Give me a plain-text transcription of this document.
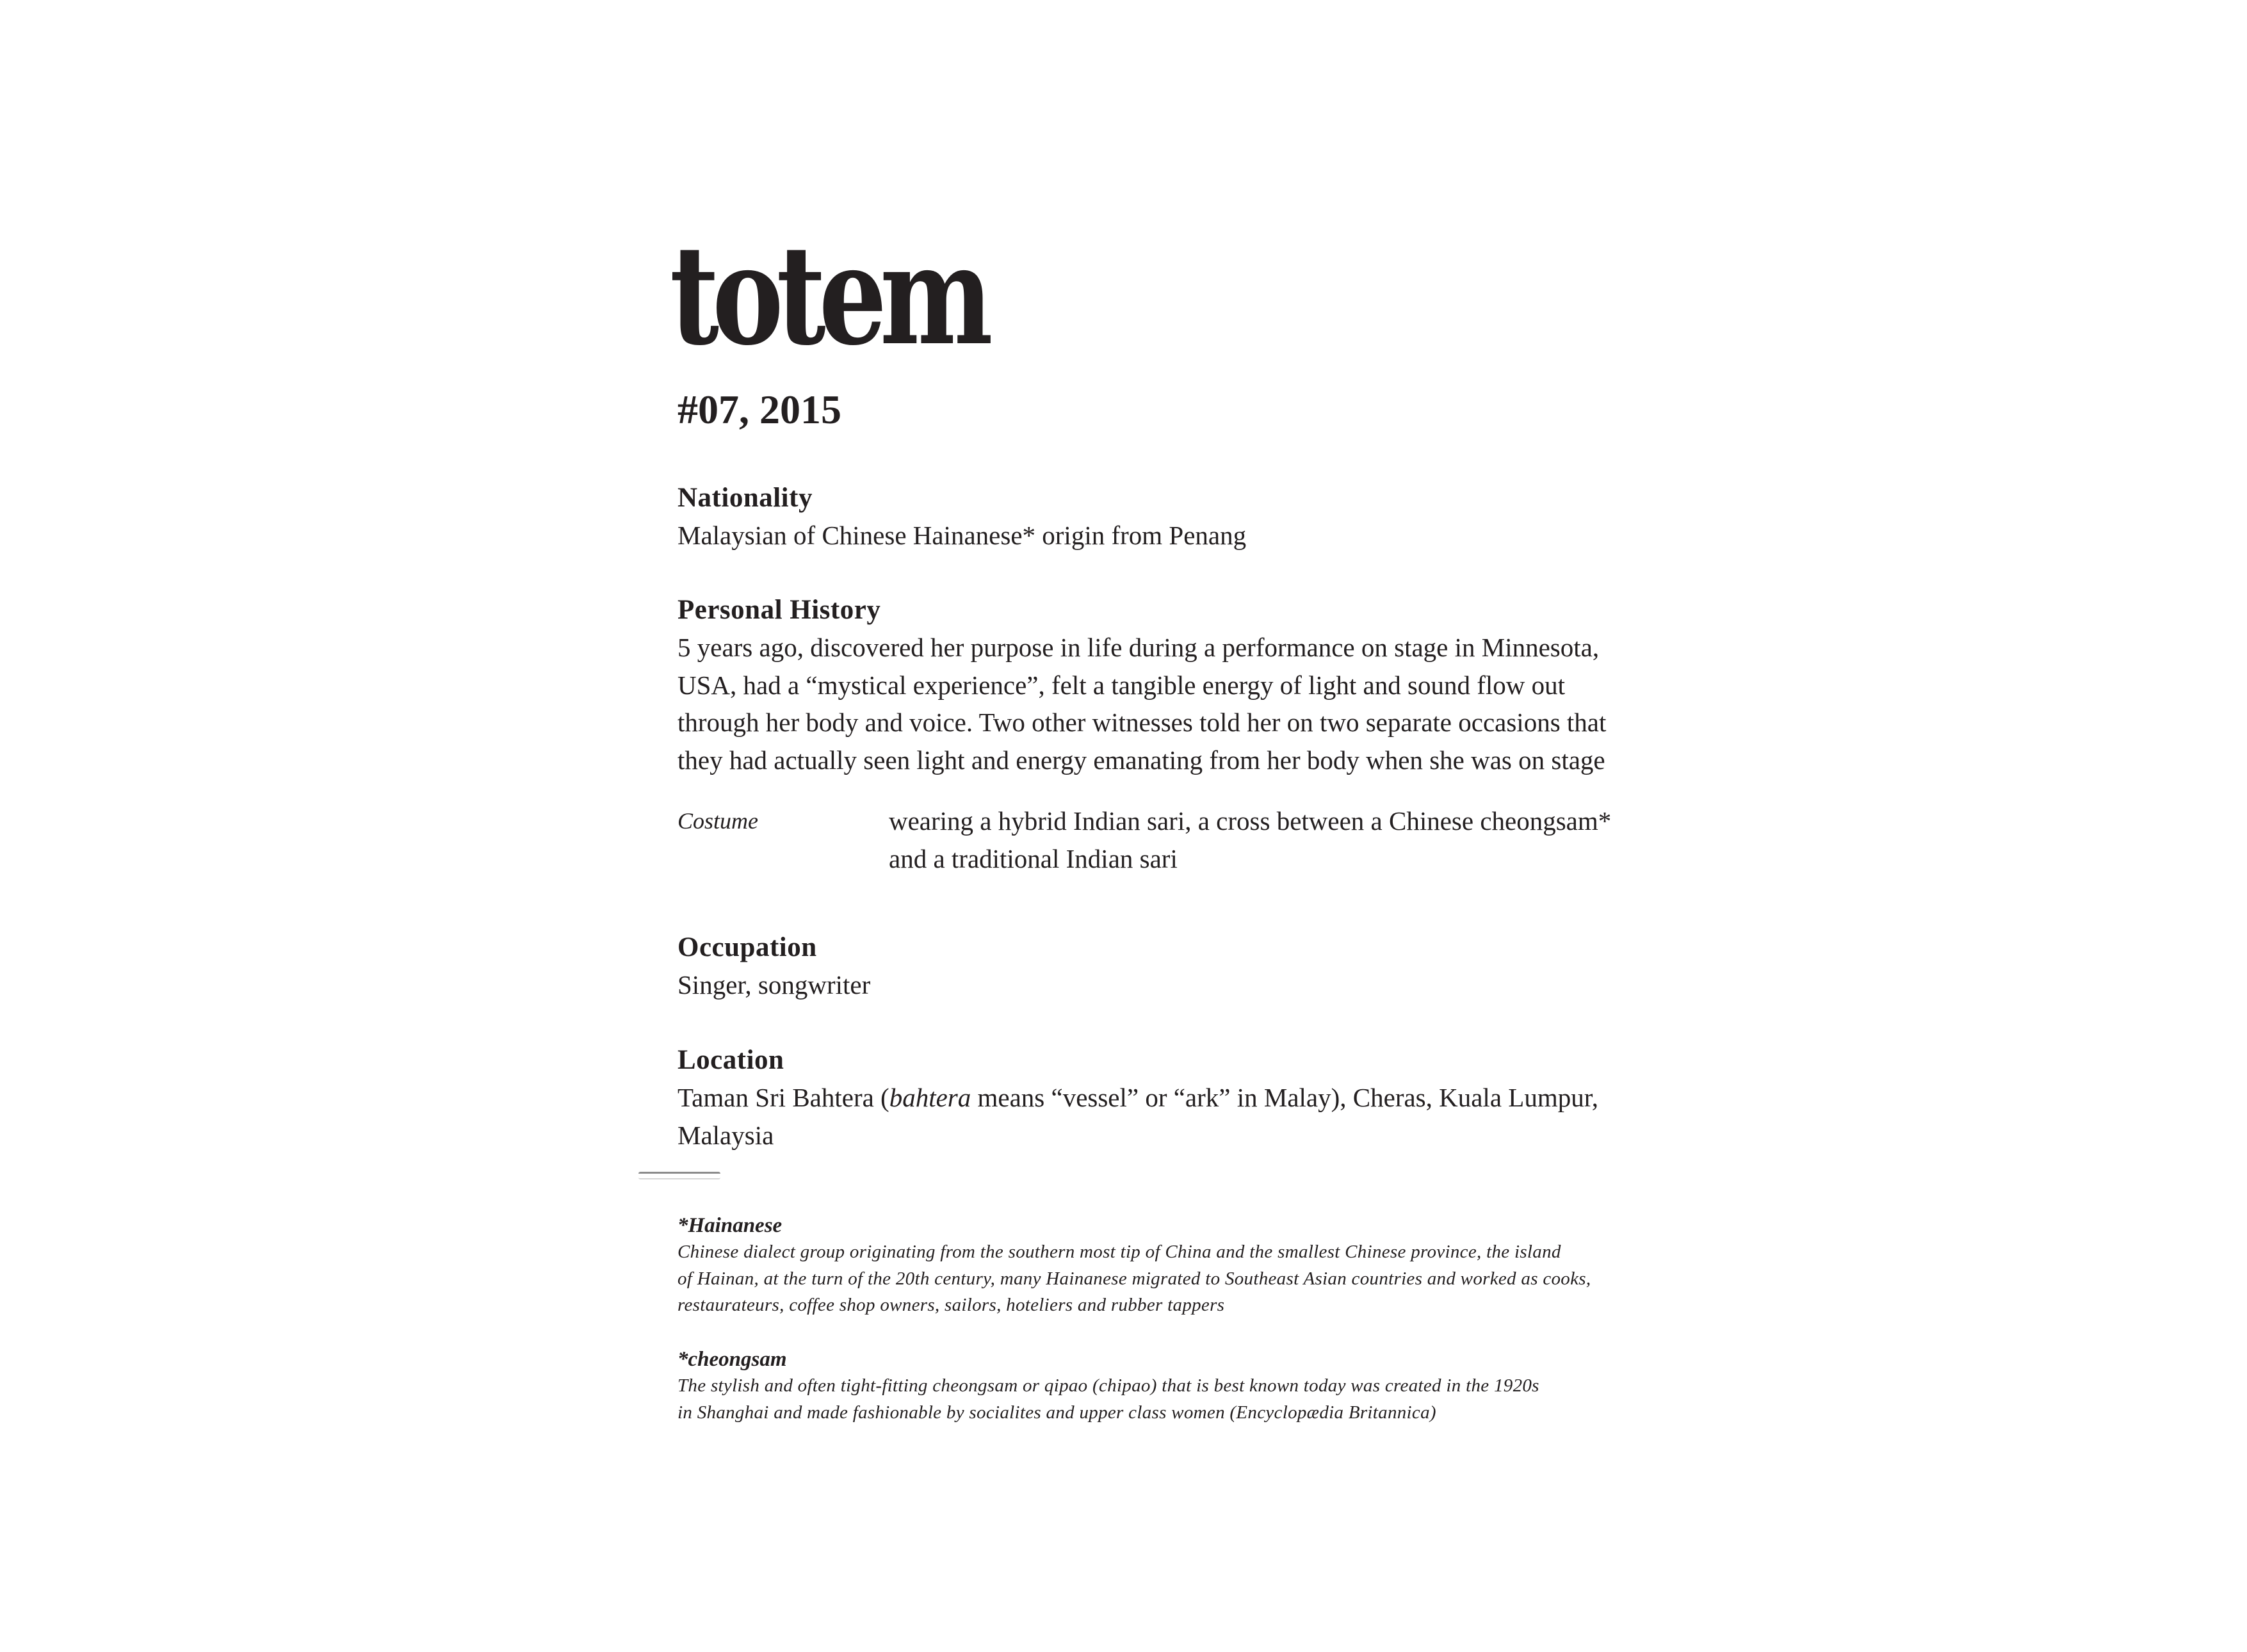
totem
#07, 2015
Nationality
Malaysian of Chinese Hainanese* origin from Penang
Personal History
5 years ago, discovered her purpose in life during a performance on stage in Minnesota,
USA, had a “mystical experience”, felt a tangible energy of light and sound flow out
through her body and voice. Two other witnesses told her on two separate occasions that
they had actually seen light and energy emanating from her body when she was on stage
Costume	wearing a hybrid Indian sari, a cross between a Chinese cheongsam*
and a traditional Indian sari
Occupation
Singer, songwriter
Location
Taman Sri Bahtera (bahtera means “vessel” or “ark” in Malay), Cheras, Kuala Lumpur,
Malaysia
*Hainanese
Chinese dialect group originating from the southern most tip of China and the smallest Chinese province, the island
of Hainan, at the turn of the 20th century, many Hainanese migrated to Southeast Asian countries and worked as cooks,
restaurateurs, coffee shop owners, sailors, hoteliers and rubber tappers
*cheongsam
The stylish and often tight-fitting cheongsam or qipao (chipao) that is best known today was created in the 1920s
in Shanghai and made fashionable by socialites and upper class women (Encyclopædia Britannica)
